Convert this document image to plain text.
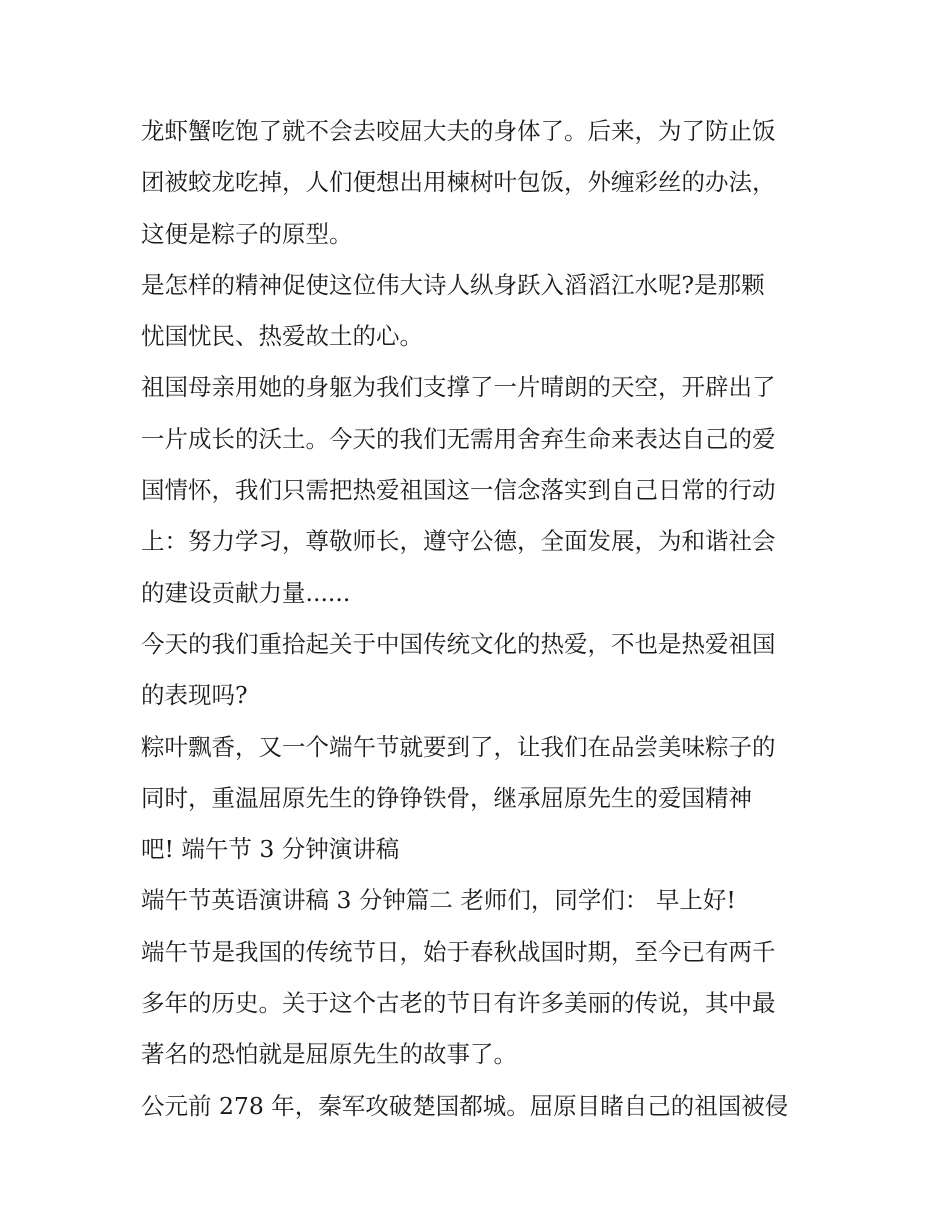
龙虾蟹吃饱了就不会去咬屈大夫的身体了。后来，为了防止饭
团被蛟龙吃掉，人们便想出用楝树叶包饭，外缠彩丝的办法，
这便是粽子的原型。
是怎样的精神促使这位伟大诗人纵身跃入滔滔江水呢?是那颗
忧国忧民、热爱故土的心。
祖国母亲用她的身躯为我们支撑了一片晴朗的天空，开辟出了
一片成长的沃土。今天的我们无需用舍弃生命来表达自己的爱
国情怀，我们只需把热爱祖国这一信念落实到自己日常的行动
上：努力学习，尊敬师长，遵守公德，全面发展，为和谐社会
的建设贡献力量......
今天的我们重拾起关于中国传统文化的热爱，不也是热爱祖国
的表现吗?
粽叶飘香，又一个端午节就要到了，让我们在品尝美味粽子的
同时，重温屈原先生的铮铮铁骨，继承屈原先生的爱国精神
吧! 端午节 3 分钟演讲稿
端午节英语演讲稿 3 分钟篇二 老师们，同学们： 早上好!
端午节是我国的传统节日，始于春秋战国时期，至今已有两千
多年的历史。关于这个古老的节日有许多美丽的传说，其中最
著名的恐怕就是屈原先生的故事了。
公元前 278 年，秦军攻破楚国都城。屈原目睹自己的祖国被侵
